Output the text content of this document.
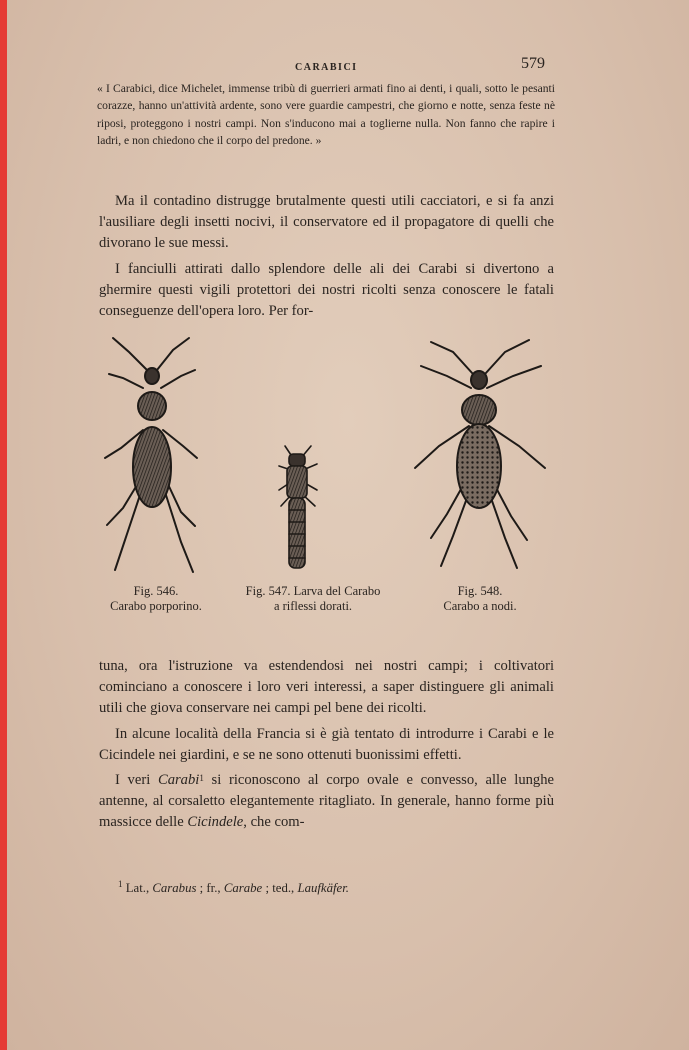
CARABICI	579
« I Carabici, dice Michelet, immense tribù di guerrieri armati fino ai denti, i quali, sotto le pesanti corazze, hanno un'attività ardente, sono vere guardie campestri, che giorno e notte, senza feste nè riposi, proteggono i nostri campi. Non s'inducono mai a toglierne nulla. Non fanno che rapire i ladri, e non chiedono che il corpo del predone. »

Ma il contadino distrugge brutalmente questi utili cacciatori, e si fa anzi l'ausiliare degli insetti nocivi, il conservatore ed il propagatore di quelli che divorano le sue messi.

I fanciulli attirati dallo splendore delle ali dei Carabi si divertono a ghermire questi vigili protettori dei nostri ricolti senza conoscere le fatali conseguenze dell'opera loro. Per for-

Fig. 546.
Carabo porporino.
Fig. 547. Larva del Carabo
a riflessi dorati.
Fig. 548.
Carabo a nodi.

tuna, ora l'istruzione va estendendosi nei nostri campi; i coltivatori cominciano a conoscere i loro veri interessi, a saper distinguere gli animali utili che giova conservare nei campi pel bene dei ricolti.

In alcune località della Francia si è già tentato di introdurre i Carabi e le Cicindele nei giardini, e se ne sono ottenuti buonissimi effetti.

I veri Carabi$^1$ si riconoscono al corpo ovale e convesso, alle lunghe antenne, al corsaletto elegantemente ritagliato. In generale, hanno forme più massicce delle Cicindele, che com-

$^1$ Lat., Carabus ; fr., Carabe ; ted., Laufkäfer.
